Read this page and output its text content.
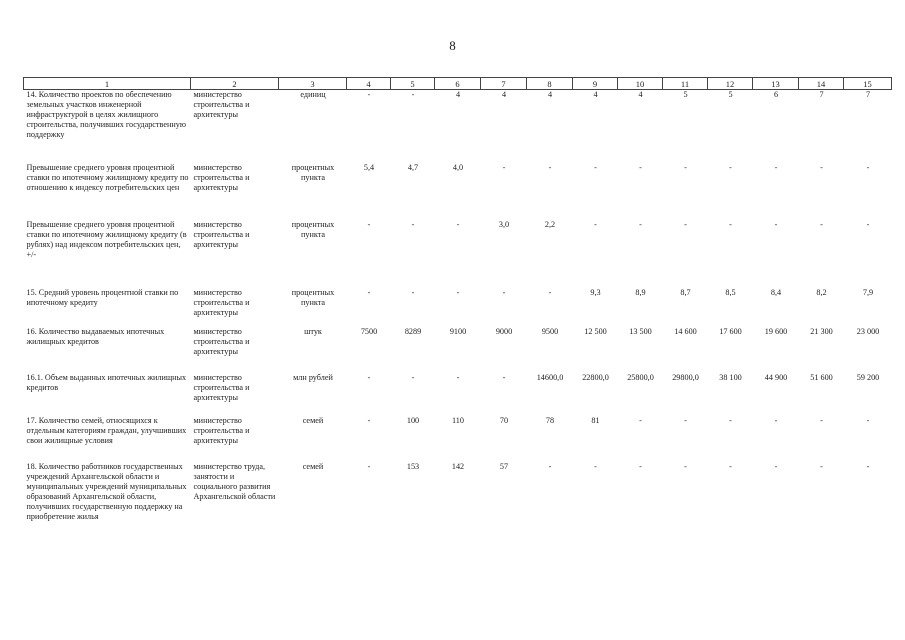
8
1	2	3	4	5	6	7	8	9	10	11	12	13	14	15
14. Количество проектов по обеспечению земельных участков инженерной инфраструктурой в целях жилищного строительства, получивших государственную поддержку	министерство строительства и архитектуры	единиц	-	-	4	4	4	4	4	5	5	6	7	7
Превышение среднего уровня процентной ставки по ипотечному жилищному кредиту по отношению к индексу потребительских цен	министерство строительства и архитектуры	процентных пункта	5,4	4,7	4,0	-	-	-	-	-	-	-	-	-
Превышение среднего уровня процентной ставки по ипотечному жилищному кредиту (в рублях) над индексом потребительских цен, +/-	министерство строительства и архитектуры	процентных пункта	-	-	-	3,0	2,2	-	-	-	-	-	-	-
15. Средний уровень процентной ставки по ипотечному кредиту	министерство строительства и архитектуры	процентных пункта	-	-	-	-	-	9,3	8,9	8,7	8,5	8,4	8,2	7,9
16. Количество выдаваемых ипотечных жилищных кредитов	министерство строительства и архитектуры	штук	7500	8289	9100	9000	9500	12 500	13 500	14 600	17 600	19 600	21 300	23 000
16.1. Объем выданных ипотечных жилищных кредитов	министерство строительства и архитектуры	млн рублей	-	-	-	-	14600,0	22800,0	25800,0	29800,0	38 100	44 900	51 600	59 200
17. Количество семей, относящихся к отдельным категориям граждан, улучшивших свои жилищные условия	министерство строительства и архитектуры	семей	-	100	110	70	78	81	-	-	-	-	-	-
18. Количество работников государственных учреждений Архангельской области и муниципальных учреждений муниципальных образований Архангельской области, получивших государственную поддержку на приобретение жилья	министерство труда, занятости и социального развития Архангельской области	семей	-	153	142	57	-	-	-	-	-	-	-	-
